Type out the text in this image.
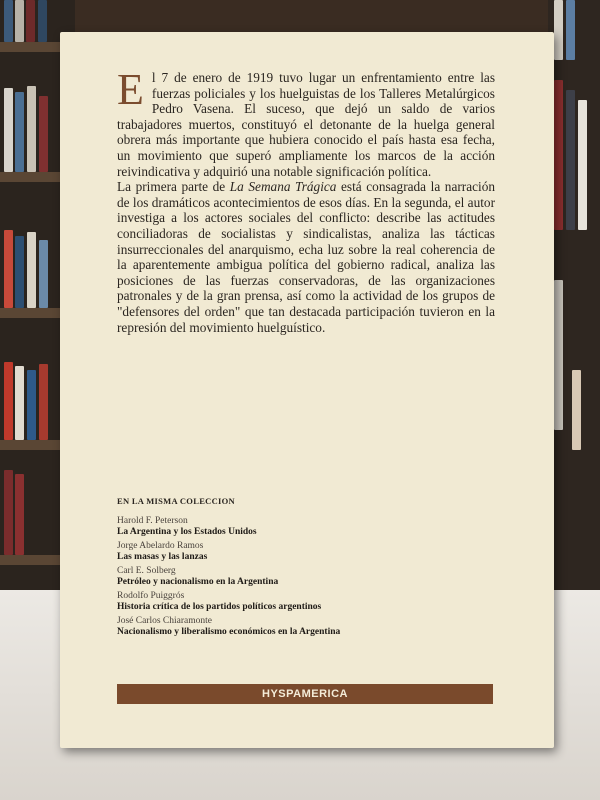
El 7 de enero de 1919 tuvo lugar un enfrentamiento entre las fuerzas policiales y los huelguistas de los Talleres Metalúrgicos Pedro Vasena. El suceso, que dejó un saldo de varios trabajadores muertos, constituyó el detonante de la huelga general obrera más importante que hubiera conocido el país hasta esa fecha, un movimiento que superó ampliamente los marcos de la acción reivindicativa y adquirió una notable significación política.

La primera parte de La Semana Trágica está consagrada la narración de los dramáticos acontecimientos de esos días. En la segunda, el autor investiga a los actores sociales del conflicto: describe las actitudes conciliadoras de socialistas y sindicalistas, analiza las tácticas insurreccionales del anarquismo, echa luz sobre la real coherencia de la aparentemente ambigua política del gobierno radical, analiza las posiciones de las fuerzas conservadoras, de las organizaciones patronales y de la gran prensa, así como la actividad de los grupos de "defensores del orden" que tan destacada participación tuvieron en la represión del movimiento huelguístico.

EN LA MISMA COLECCION
Harold F. Peterson
La Argentina y los Estados Unidos
Jorge Abelardo Ramos
Las masas y las lanzas
Carl E. Solberg
Petróleo y nacionalismo en la Argentina
Rodolfo Puiggrós
Historia crítica de los partidos políticos argentinos
José Carlos Chiaramonte
Nacionalismo y liberalismo económicos en la Argentina
HYSPAMERICA
